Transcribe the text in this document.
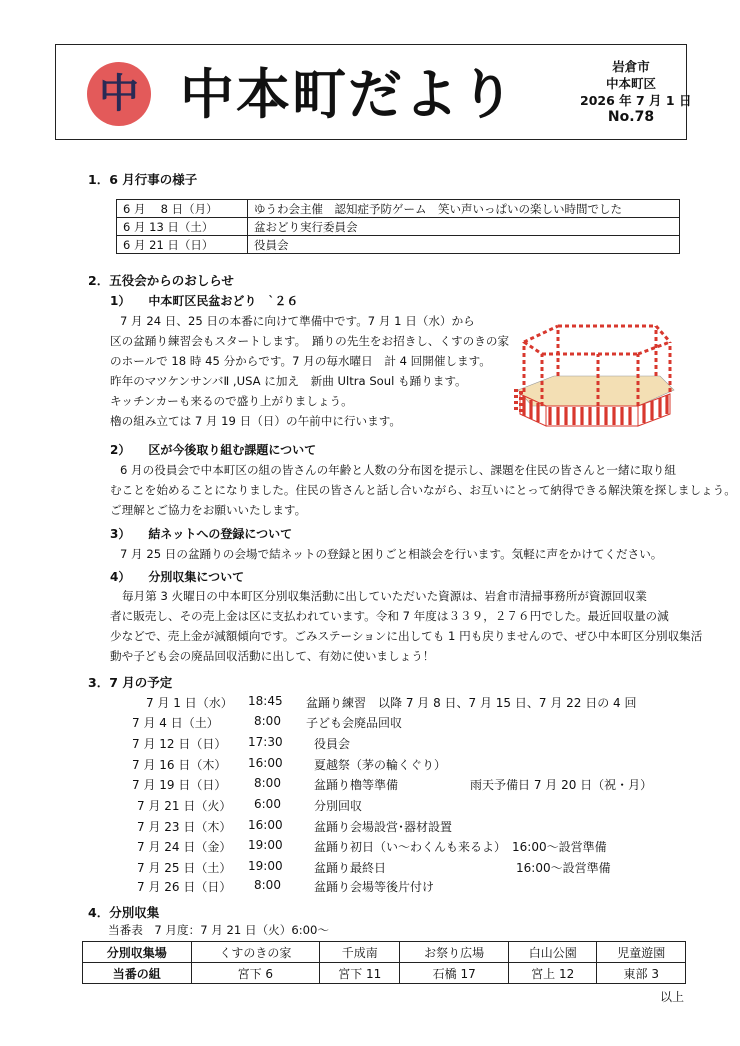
中 中本町だより	岩倉市
中本町区
2026 年 7 月 1 日
No.78
1．6 月行事の様子
6 月　 8 日（月）	ゆうわ会主催　認知症予防ゲーム　笑い声いっぱいの楽しい時間でした
6 月 13 日（土）	盆おどり実行委員会
6 月 21 日（日）	役員会
2．五役会からのおしらせ
1）　　中本町区民盆おどり　`２６
7 月 24 日、25 日の本番に向けて準備中です。7 月 1 日（水）から
区の盆踊り練習会もスタートします。　踊りの先生をお招きし、くすのきの家
のホールで 18 時 45 分からです。7 月の毎水曜日　計 4 回開催します。
昨年のマツケンサンバⅡ ,USA に加え　新曲 Ultra Soul も踊ります。
キッチンカーも来るので盛り上がりましょう。
櫓の組み立ては 7 月 19 日（日）の午前中に行います。
2）　　区が今後取り組む課題について
6 月の役員会で中本町区の組の皆さんの年齢と人数の分布図を提示し、課題を住民の皆さんと一緒に取り組
むことを始めることになりました。住民の皆さんと話し合いながら、お互いにとって納得できる解決策を探しましょう。
ご理解とご協力をお願いいたします。
3）　　結ネットへの登録について
7 月 25 日の盆踊りの会場で結ネットの登録と困りごと相談会を行います。気軽に声をかけてください。
4）　　分別収集について
毎月第 3 火曜日の中本町区分別収集活動に出していただいた資源は、岩倉市清掃事務所が資源回収業
者に販売し、その売上金は区に支払われています。令和 7 年度は３３９，２７６円でした。最近回収量の減
少などで、売上金が減額傾向です。ごみステーションに出しても 1 円も戻りませんので、ぜひ中本町区分別収集活
動や子ども会の廃品回収活動に出して、有効に使いましょう！
3．7 月の予定
7 月 1 日（水） 18:45 盆踊り練習　以降 7 月 8 日、7 月 15 日、7 月 22 日の 4 回
7 月 4 日（土）	8:00 子ども会廃品回収
7 月 12 日（日） 17:30	役員会
7 月 16 日（木） 16:00	夏越祭（茅の輪くぐり）
7 月 19 日（日） 8:00	盆踊り櫓等準備	雨天予備日 7 月 20 日（祝・月）
7 月 21 日（火） 6:00	分別回収
7 月 23 日（木） 16:00	盆踊り会場設営･器材設置
7 月 24 日（金） 19:00	盆踊り初日（い～わくんも来るよ） 16:00～設営準備
7 月 25 日（土） 19:00	盆踊り最終日	16:00～設営準備
7 月 26 日（日） 8:00	盆踊り会場等後片付け
4．分別収集
当番表　7 月度：7 月 21 日（火）6:00～
分別収集場	くすのきの家	千成南	お祭り広場	白山公園	児童遊園
当番の組	宮下 6	宮下 11	石橋 17	宮上 12	東部 3
以上
